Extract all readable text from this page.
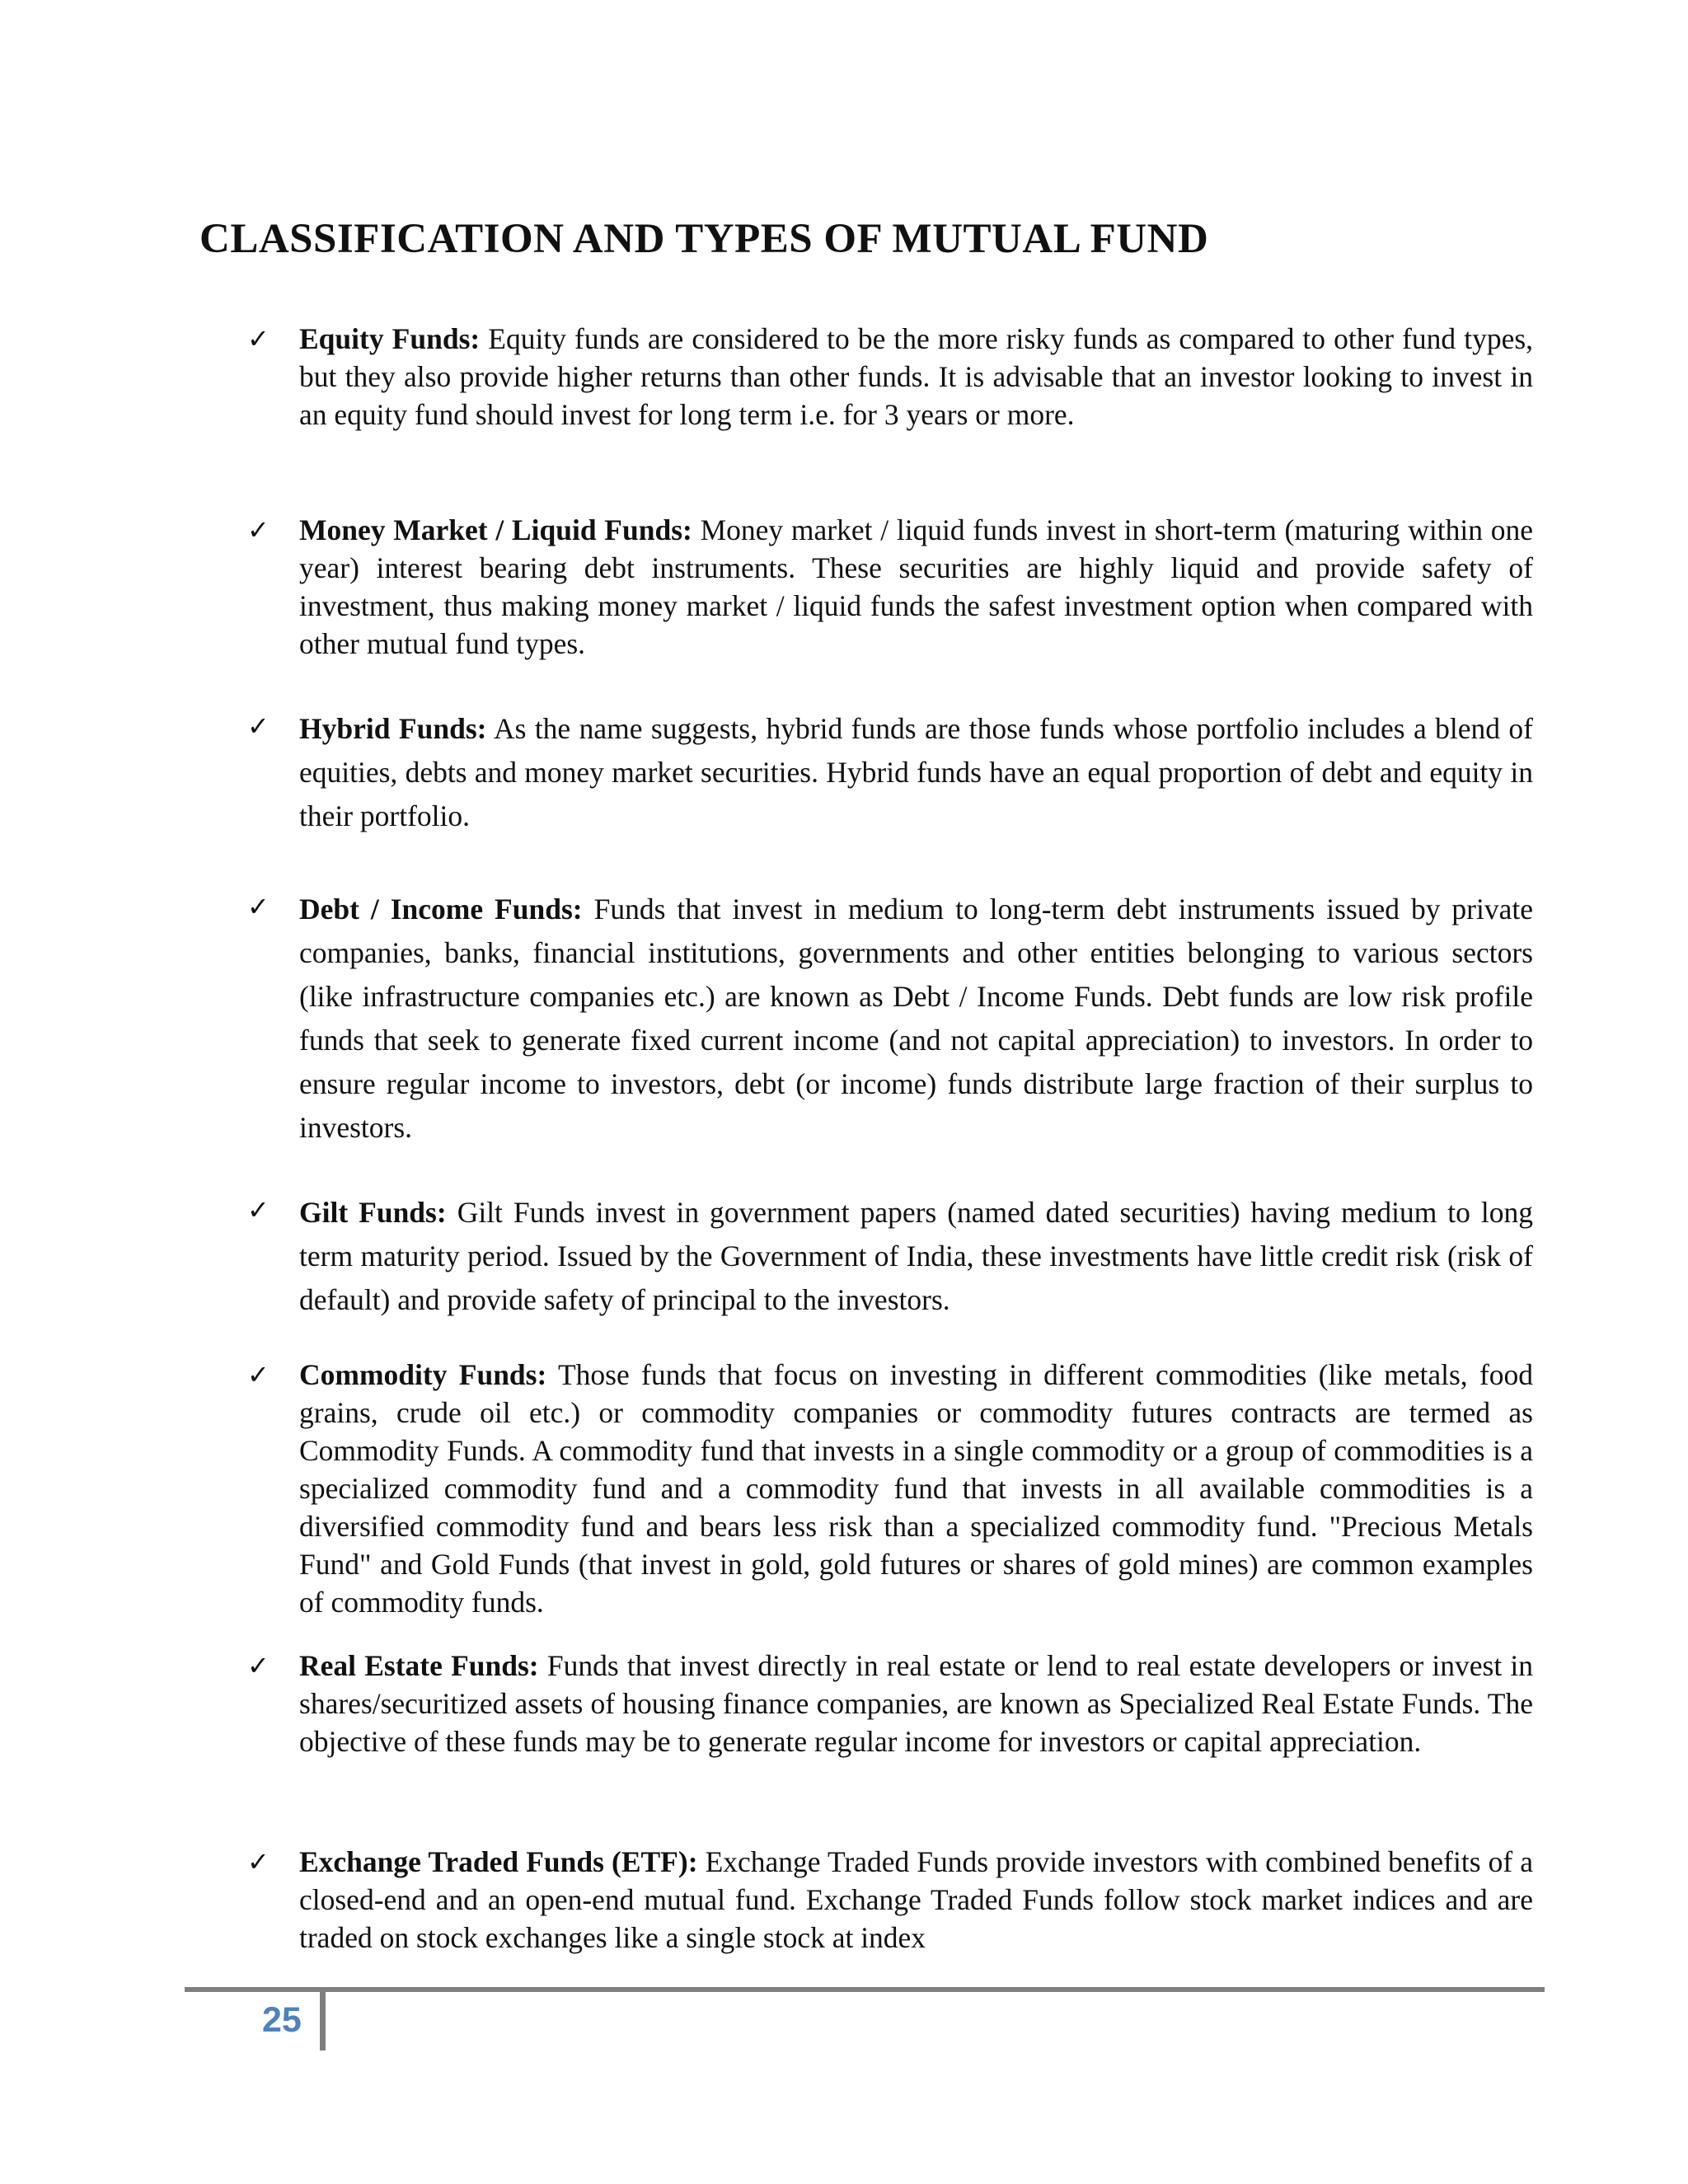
CLASSIFICATION AND TYPES OF MUTUAL FUND
✓ Equity Funds: Equity funds are considered to be the more risky funds as compared to other fund types, but they also provide higher returns than other funds. It is advisable that an investor looking to invest in an equity fund should invest for long term i.e. for 3 years or more.
✓ Money Market / Liquid Funds: Money market / liquid funds invest in short-term (maturing within one year) interest bearing debt instruments. These securities are highly liquid and provide safety of investment, thus making money market / liquid funds the safest investment option when compared with other mutual fund types.
✓ Hybrid Funds: As the name suggests, hybrid funds are those funds whose portfolio includes a blend of equities, debts and money market securities. Hybrid funds have an equal proportion of debt and equity in their portfolio.
✓ Debt / Income Funds: Funds that invest in medium to long-term debt instruments issued by private companies, banks, financial institutions, governments and other entities belonging to various sectors (like infrastructure companies etc.) are known as Debt / Income Funds. Debt funds are low risk profile funds that seek to generate fixed current income (and not capital appreciation) to investors. In order to ensure regular income to investors, debt (or income) funds distribute large fraction of their surplus to investors.
✓ Gilt Funds: Gilt Funds invest in government papers (named dated securities) having medium to long term maturity period. Issued by the Government of India, these investments have little credit risk (risk of default) and provide safety of principal to the investors.
✓ Commodity Funds: Those funds that focus on investing in different commodities (like metals, food grains, crude oil etc.) or commodity companies or commodity futures contracts are termed as Commodity Funds. A commodity fund that invests in a single commodity or a group of commodities is a specialized commodity fund and a commodity fund that invests in all available commodities is a diversified commodity fund and bears less risk than a specialized commodity fund. "Precious Metals Fund" and Gold Funds (that invest in gold, gold futures or shares of gold mines) are common examples of commodity funds.
✓ Real Estate Funds: Funds that invest directly in real estate or lend to real estate developers or invest in shares/securitized assets of housing finance companies, are known as Specialized Real Estate Funds. The objective of these funds may be to generate regular income for investors or capital appreciation.
✓ Exchange Traded Funds (ETF): Exchange Traded Funds provide investors with combined benefits of a closed-end and an open-end mutual fund. Exchange Traded Funds follow stock market indices and are traded on stock exchanges like a single stock at index
25
